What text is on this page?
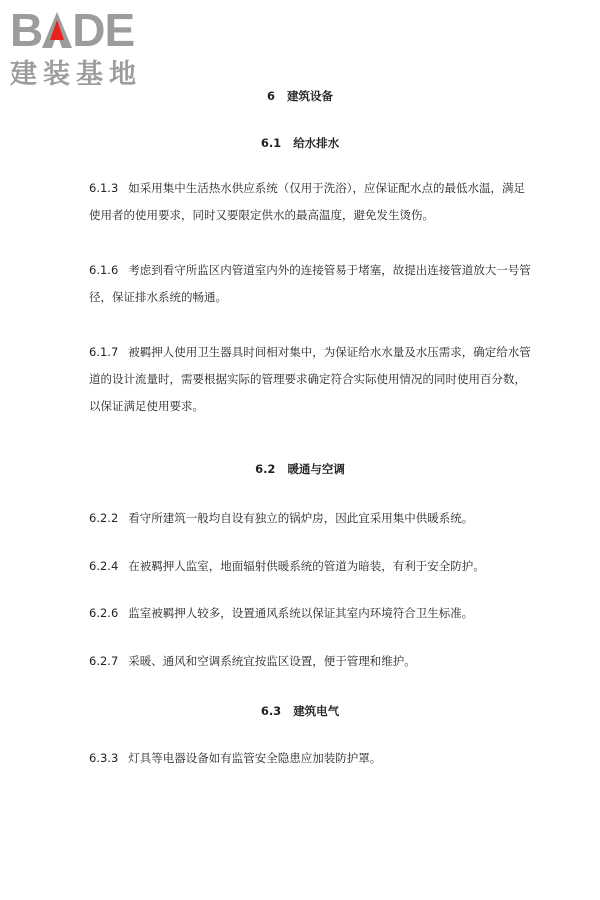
B DE
建装基地
6 建筑设备
6.1 给水排水
6.1.3 如采用集中生活热水供应系统（仅用于洗浴），应保证配水点的最低水温，满足使用者的使用要求，同时又要限定供水的最高温度，避免发生烫伤。
6.1.6 考虑到看守所监区内管道室内外的连接管易于堵塞，故提出连接管道放大一号管径，保证排水系统的畅通。
6.1.7 被羁押人使用卫生器具时间相对集中，为保证给水水量及水压需求，确定给水管道的设计流量时，需要根据实际的管理要求确定符合实际使用情况的同时使用百分数，以保证满足使用要求。
6.2 暖通与空调
6.2.2 看守所建筑一般均自设有独立的锅炉房，因此宜采用集中供暖系统。
6.2.4 在被羁押人监室，地面辐射供暖系统的管道为暗装，有利于安全防护。
6.2.6 监室被羁押人较多，设置通风系统以保证其室内环境符合卫生标准。
6.2.7 采暖、通风和空调系统宜按监区设置，便于管理和维护。
6.3 建筑电气
6.3.3 灯具等电器设备如有监管安全隐患应加装防护罩。
